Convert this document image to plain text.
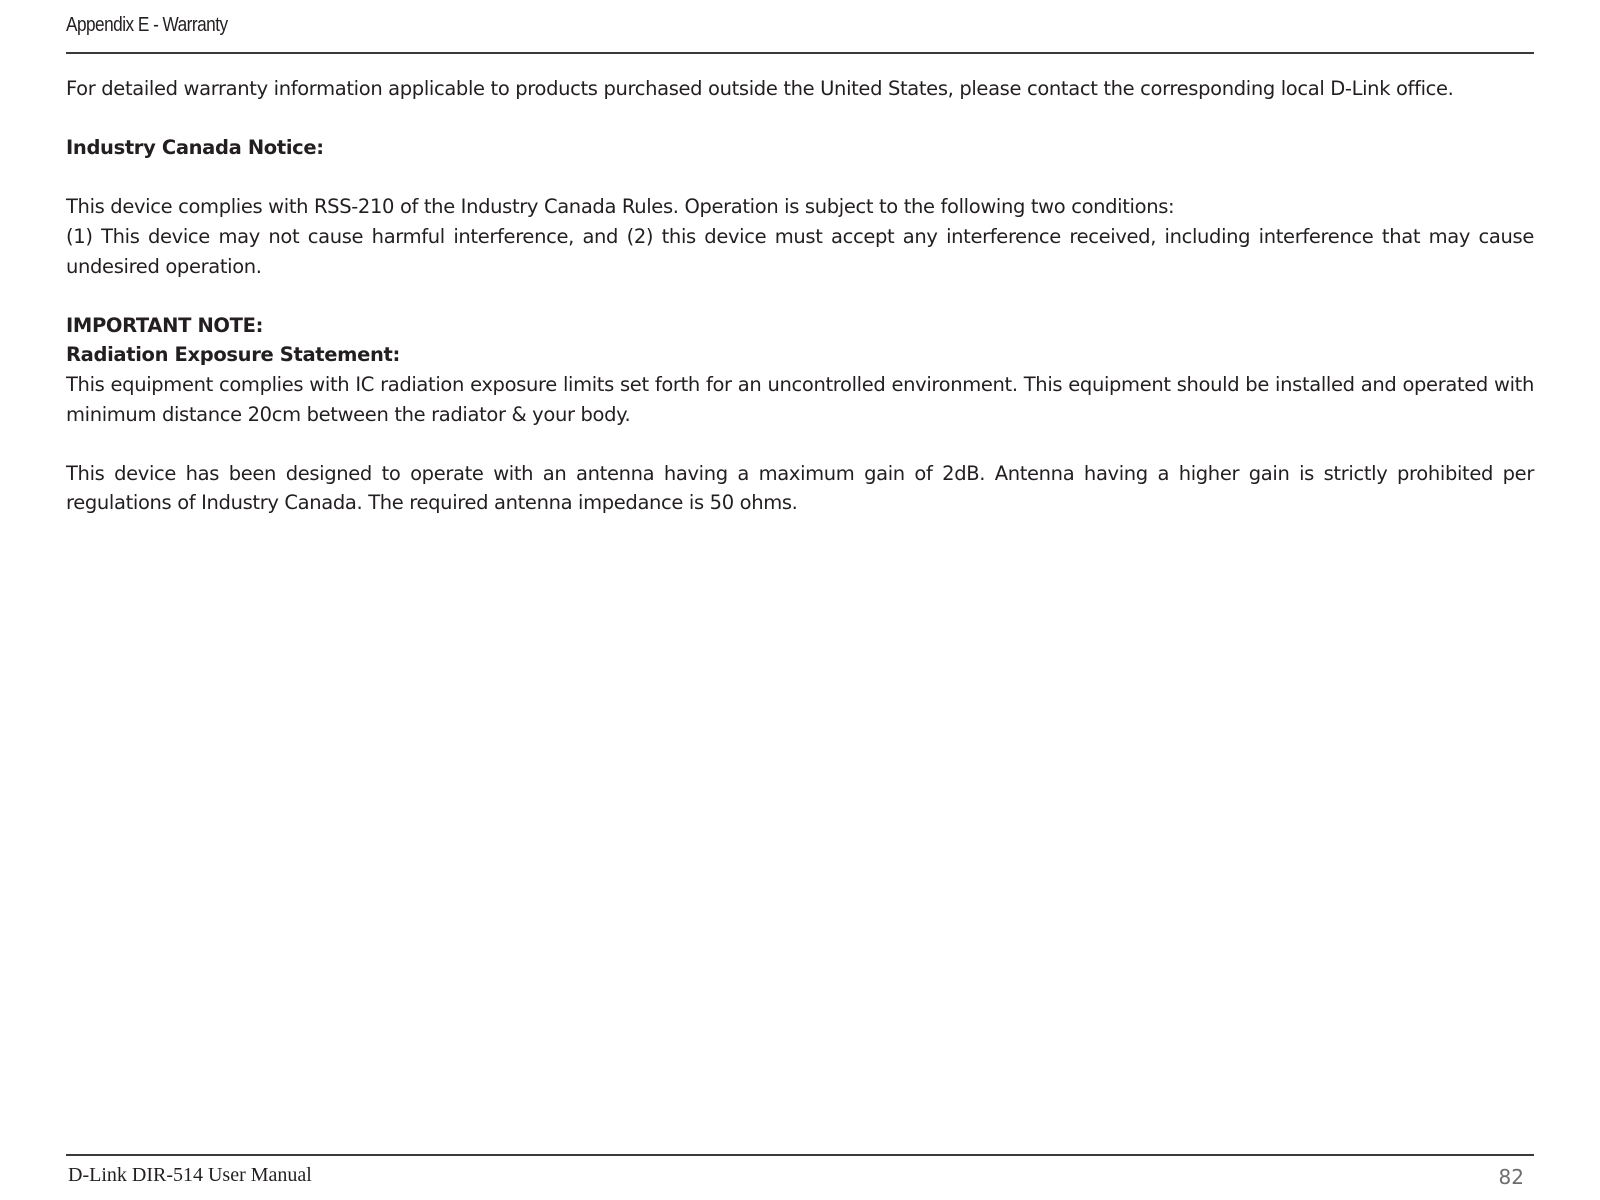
Appendix E - Warranty

For detailed warranty information applicable to products purchased outside the United States, please contact the corresponding local D-Link office.

Industry Canada Notice:

This device complies with RSS-210 of the Industry Canada Rules. Operation is subject to the following two conditions:

(1) This device may not cause harmful interference, and (2) this device must accept any interference received, including interference that may cause undesired operation.

IMPORTANT NOTE:

Radiation Exposure Statement:

This equipment complies with IC radiation exposure limits set forth for an uncontrolled environment. This equipment should be installed and operated with minimum distance 20cm between the radiator & your body.

This device has been designed to operate with an antenna having a maximum gain of 2dB. Antenna having a higher gain is strictly prohibited per regulations of Industry Canada. The required antenna impedance is 50 ohms.

D-Link DIR-514 User Manual	82
